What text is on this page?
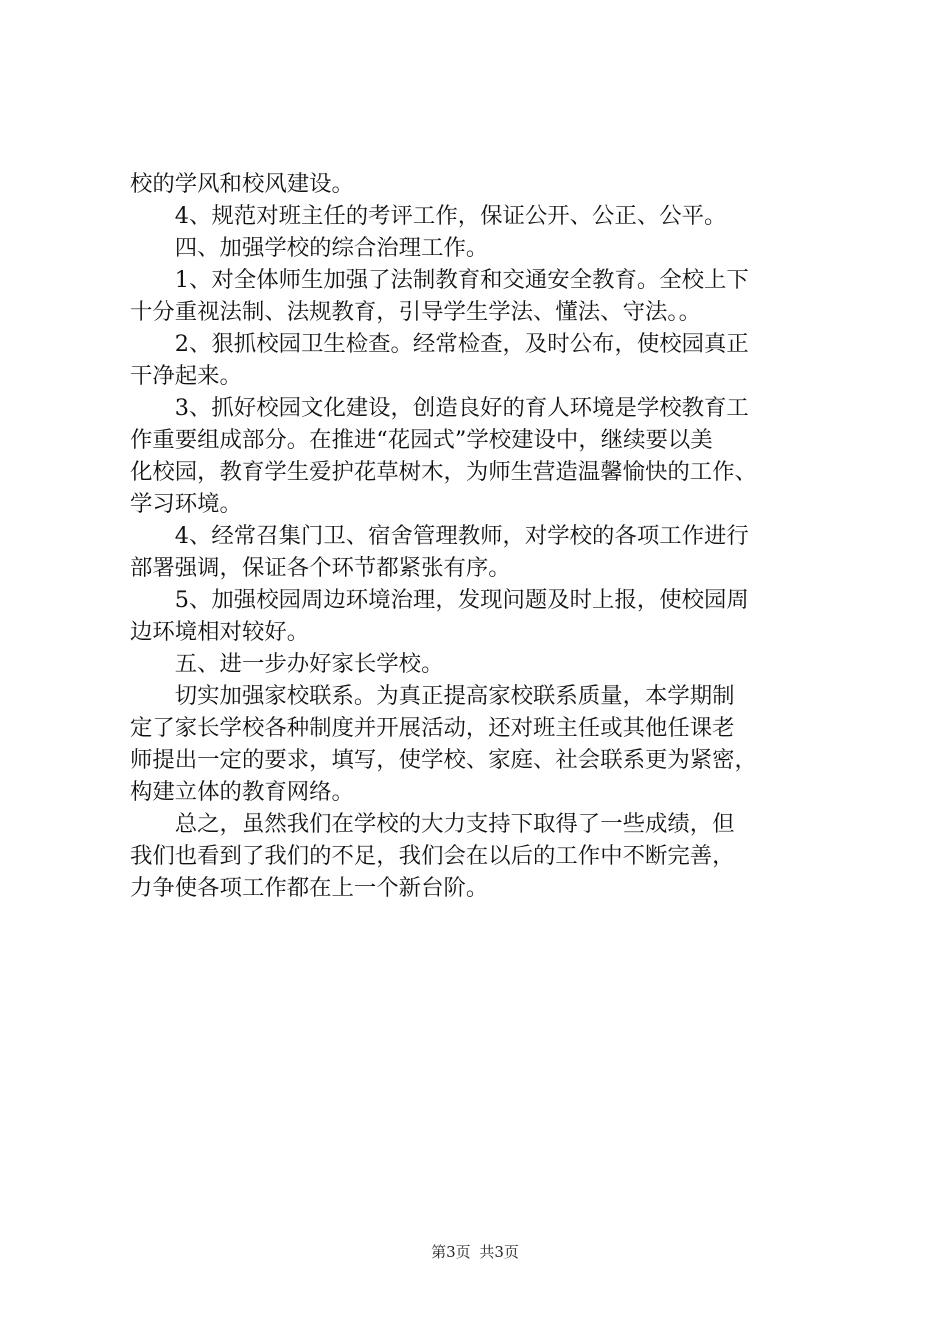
校的学风和校风建设。
　　4、规范对班主任的考评工作，保证公开、公正、公平。
　　四、加强学校的综合治理工作。
　　1、对全体师生加强了法制教育和交通安全教育。全校上下
十分重视法制、法规教育，引导学生学法、懂法、守法。。
　　2、狠抓校园卫生检查。经常检查，及时公布，使校园真正
干净起来。
　　3、抓好校园文化建设，创造良好的育人环境是学校教育工
作重要组成部分。在推进“花园式”学校建设中，继续要以美
化校园，教育学生爱护花草树木，为师生营造温馨愉快的工作、
学习环境。
　　4、经常召集门卫、宿舍管理教师，对学校的各项工作进行
部署强调，保证各个环节都紧张有序。
　　5、加强校园周边环境治理，发现问题及时上报，使校园周
边环境相对较好。
　　五、进一步办好家长学校。
　　切实加强家校联系。为真正提高家校联系质量，本学期制
定了家长学校各种制度并开展活动，还对班主任或其他任课老
师提出一定的要求，填写，使学校、家庭、社会联系更为紧密，
构建立体的教育网络。
　　总之，虽然我们在学校的大力支持下取得了一些成绩，但
我们也看到了我们的不足，我们会在以后的工作中不断完善，
力争使各项工作都在上一个新台阶。
第3页 共3页
